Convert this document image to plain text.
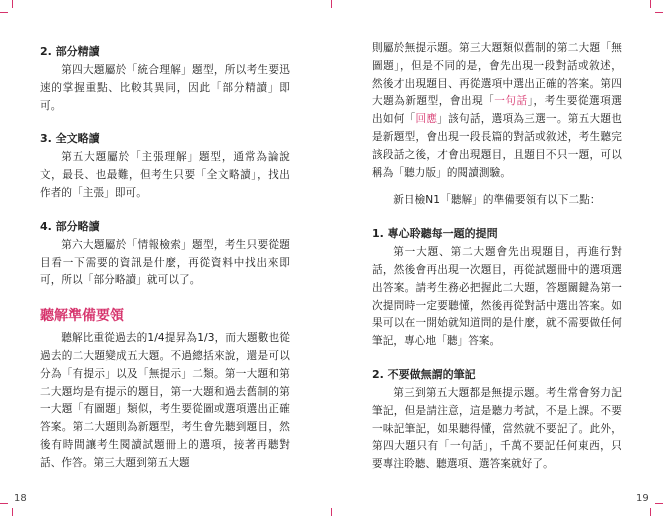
2. 部分精讀

第四大題屬於「統合理解」題型，所以考生要迅速的掌握重點、比較其異同，因此「部分精讀」即可。

3. 全文略讀

第五大題屬於「主張理解」題型，通常為論說文，最長、也最難，但考生只要「全文略讀」，找出作者的「主張」即可。

4. 部分略讀

第六大題屬於「情報檢索」題型，考生只要從題目看一下需要的資訊是什麼，再從資料中找出來即可，所以「部分略讀」就可以了。

聽解準備要領

聽解比重從過去的1/4提昇為1/3，而大題數也從過去的二大題變成五大題。不過總括來說，還是可以分為「有提示」以及「無提示」二類。第一大題和第二大題均是有提示的題目，第一大題和過去舊制的第一大題「有圖題」類似，考生要從圖或選項選出正確答案。第二大題則為新題型，考生會先聽到題目，然後有時間讓考生閱讀試題冊上的選項，接著再聽對話、作答。第三大題到第五大題

18

則屬於無提示題。第三大題類似舊制的第二大題「無圖題」，但是不同的是，會先出現一段對話或敘述，然後才出現題目、再從選項中選出正確的答案。第四大題為新題型，會出現「一句話」，考生要從選項選出如何「回應」該句話，選項為三選一。第五大題也是新題型，會出現一段長篇的對話或敘述，考生聽完該段話之後，才會出現題目，且題目不只一題，可以稱為「聽力版」的閱讀測驗。

新日檢N1「聽解」的準備要領有以下二點：

1. 專心聆聽每一題的提問

第一大題、第二大題會先出現題目，再進行對話，然後會再出現一次題目，再從試題冊中的選項選出答案。請考生務必把握此二大題，答題關鍵為第一次提問時一定要聽懂，然後再從對話中選出答案。如果可以在一開始就知道問的是什麼，就不需要做任何筆記，專心地「聽」答案。

2. 不要做無謂的筆記

第三到第五大題都是無提示題。考生常會努力記筆記，但是請注意，這是聽力考試，不是上課。不要一味記筆記，如果聽得懂，當然就不要記了。此外，第四大題只有「一句話」，千萬不要記任何東西，只要專注聆聽、聽選項、選答案就好了。

19
